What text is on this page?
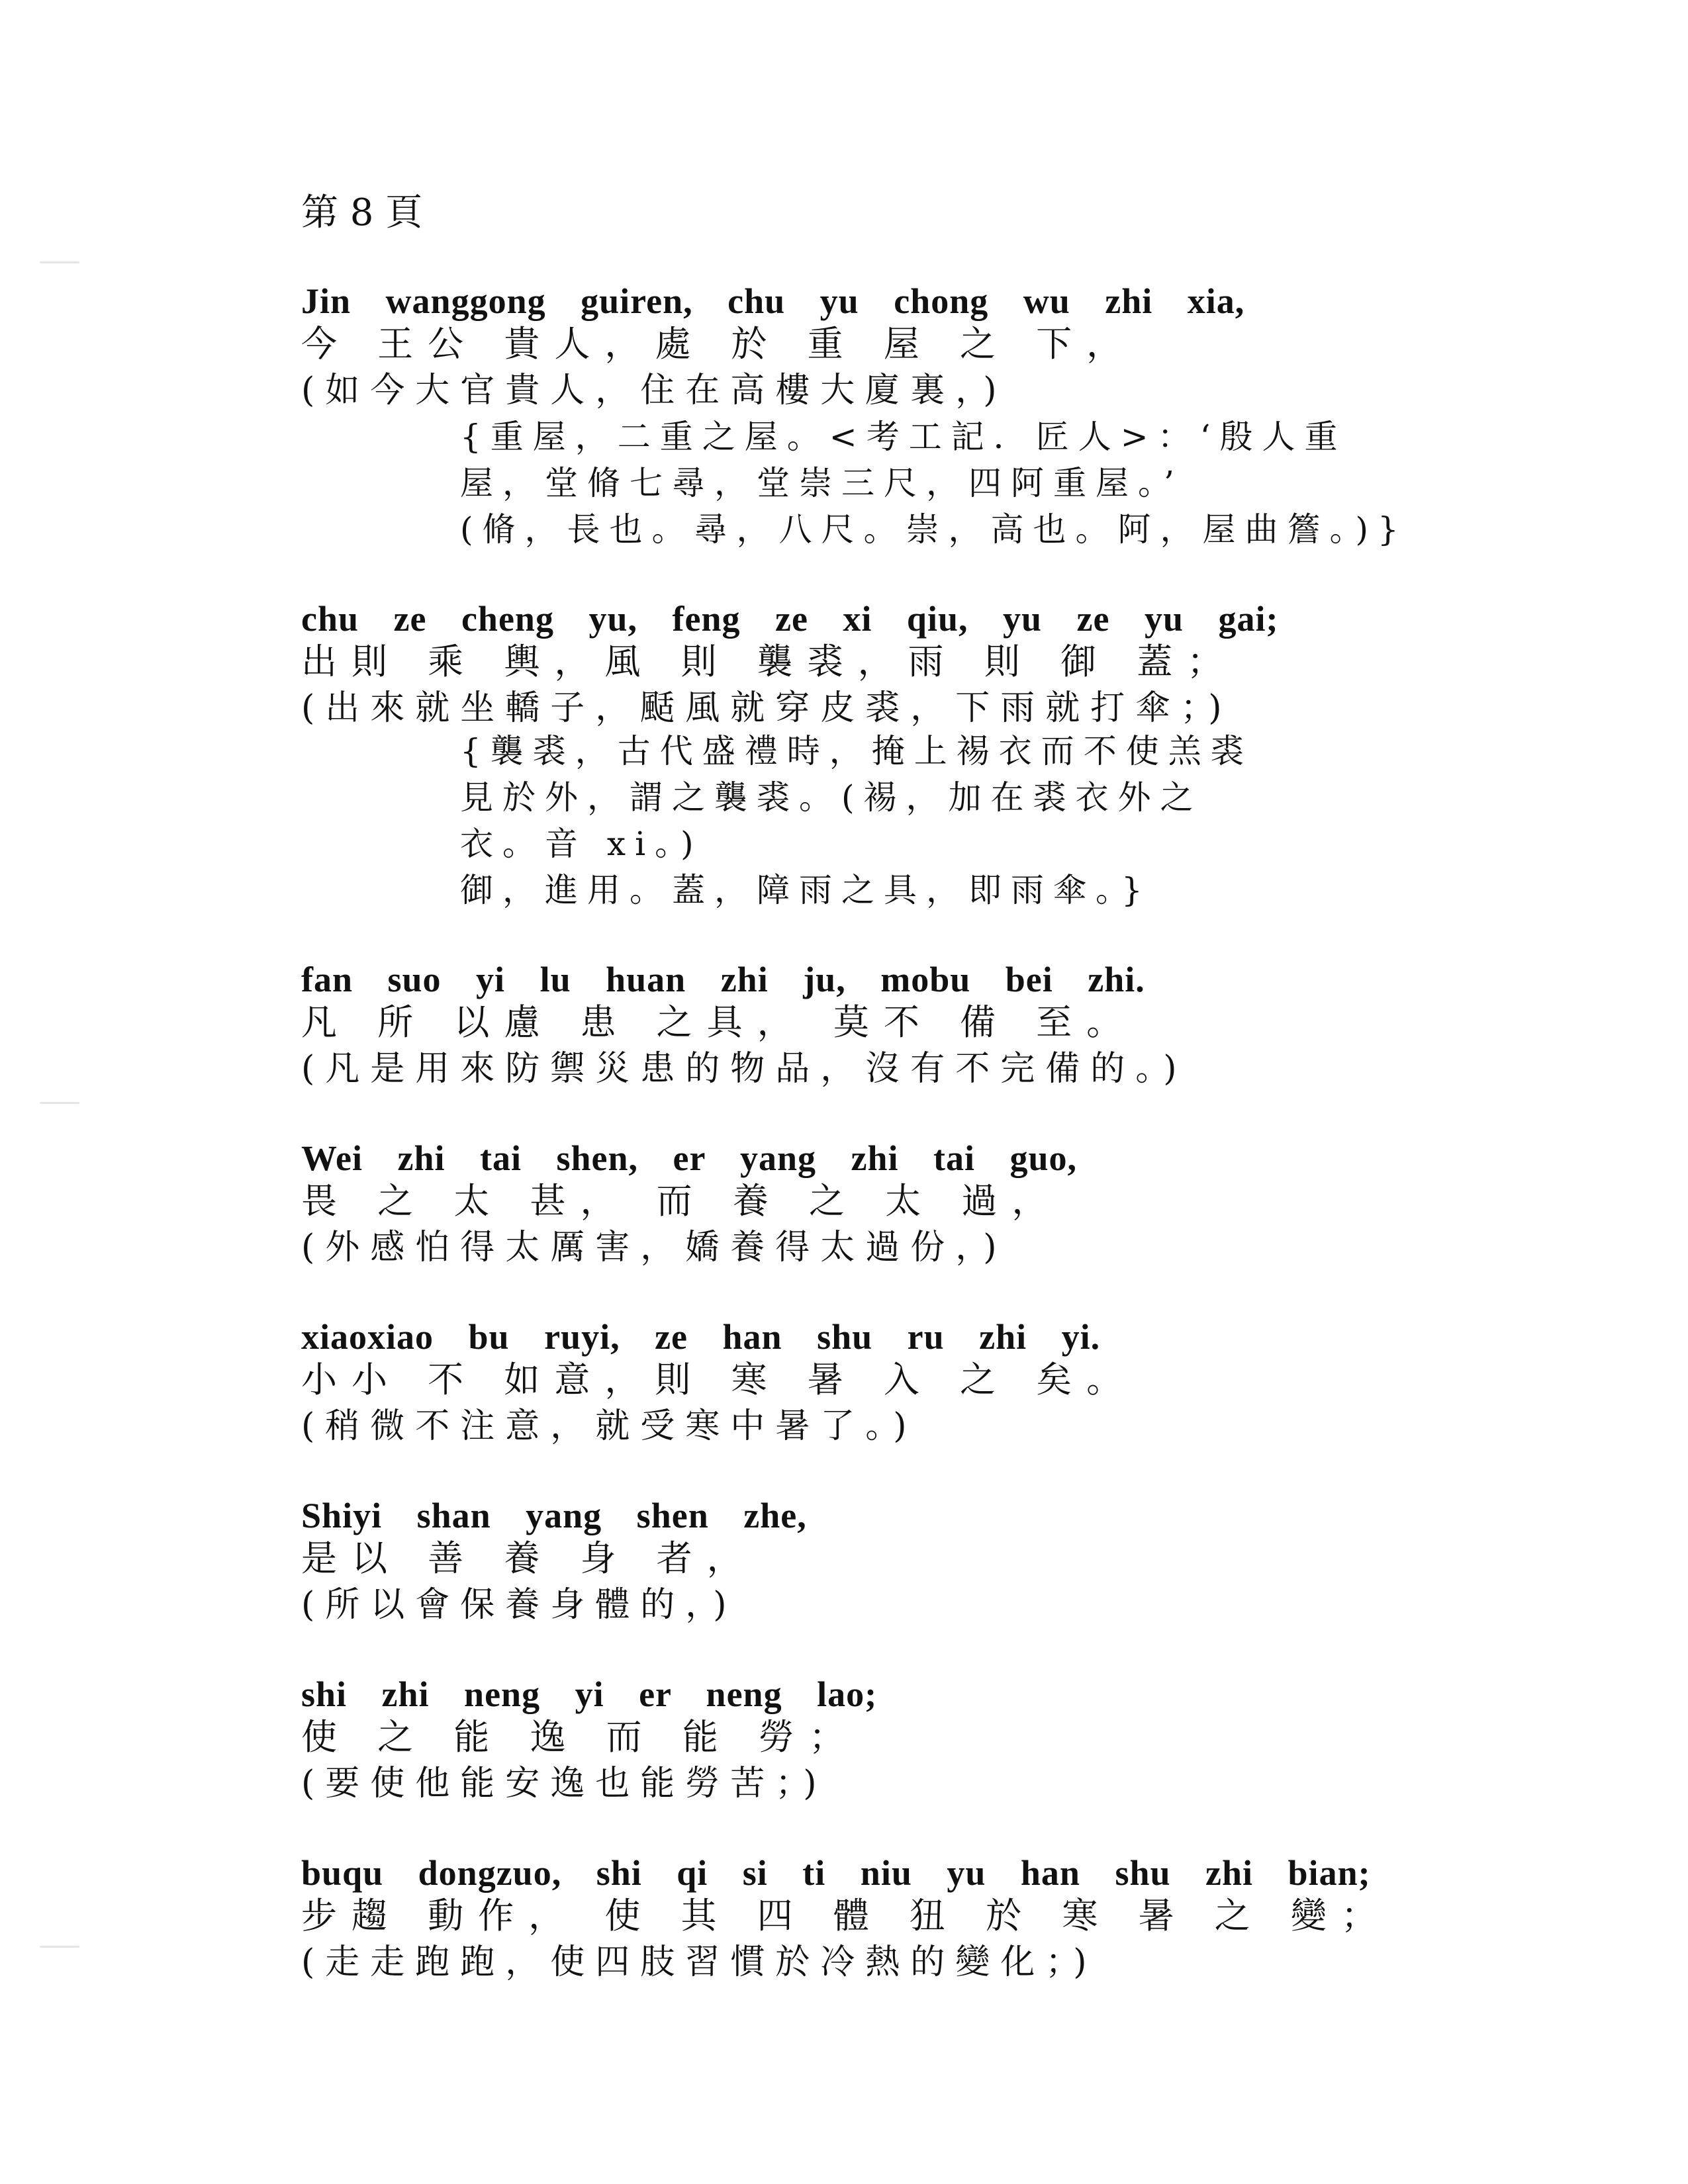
第 8 頁

Jin wanggong guiren, chu yu chong wu zhi xia,

今 王公 貴人，處 於 重 屋 之 下，

(如今大官貴人，住在高樓大廈裏，)

{重屋，二重之屋。<考工記．匠人>：‘殷人重

屋，堂脩七尋，堂崇三尺，四阿重屋。’

(脩，長也。尋，八尺。崇，高也。阿，屋曲簷。)}

chu ze cheng yu, feng ze xi qiu, yu ze yu gai;

出則 乘 輿，風 則 襲裘，雨 則 御 蓋；

(出來就坐轎子，颳風就穿皮裘，下雨就打傘；)

{襲裘，古代盛禮時，掩上裼衣而不使羔裘

見於外，謂之襲裘。(裼，加在裘衣外之

衣。音 xi。)

御，進用。蓋，障雨之具，即雨傘。}

fan suo yi lu huan zhi ju, mobu bei zhi.

凡 所 以慮 患 之具， 莫不 備 至。

(凡是用來防禦災患的物品，沒有不完備的。)

Wei zhi tai shen, er yang zhi tai guo,

畏 之 太 甚， 而 養 之 太 過，

(外感怕得太厲害，嬌養得太過份，)

xiaoxiao bu ruyi, ze han shu ru zhi yi.

小小 不 如意，則 寒 暑 入 之 矣。

(稍微不注意，就受寒中暑了。)

Shiyi shan yang shen zhe,

是以 善 養 身 者，

(所以會保養身體的，)

shi zhi neng yi er neng lao;

使 之 能 逸 而 能 勞；

(要使他能安逸也能勞苦；)

buqu dongzuo, shi qi si ti niu yu han shu zhi bian;

步趨 動作， 使 其 四 體 狃 於 寒 暑 之 變；

(走走跑跑，使四肢習慣於冷熱的變化；)
